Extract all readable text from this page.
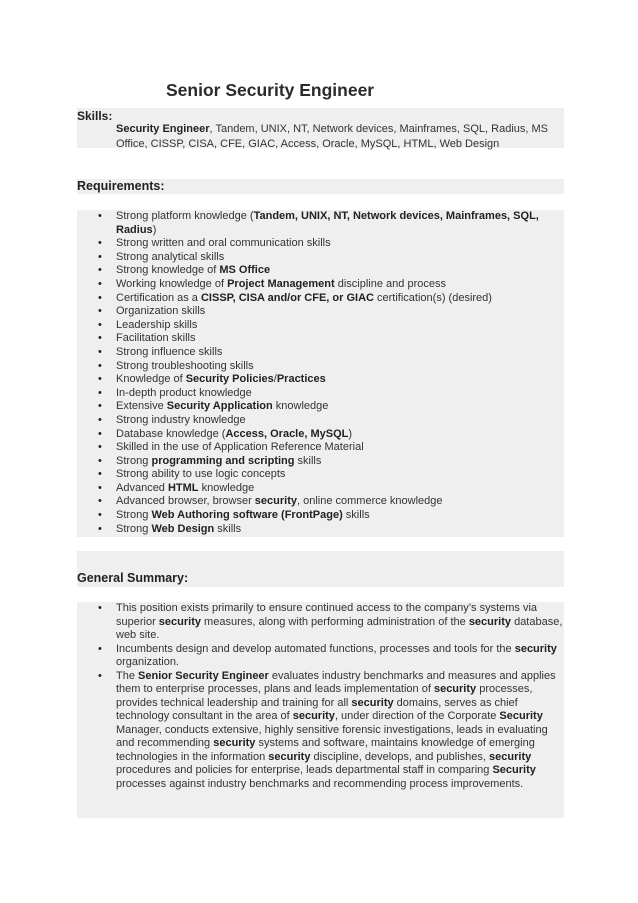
Senior Security Engineer
Skills:
Security Engineer, Tandem, UNIX, NT, Network devices, Mainframes, SQL, Radius, MS Office, CISSP, CISA, CFE, GIAC, Access, Oracle, MySQL, HTML, Web Design
Requirements:
• Strong platform knowledge (Tandem, UNIX, NT, Network devices, Mainframes, SQL, Radius)
• Strong written and oral communication skills
• Strong analytical skills
• Strong knowledge of MS Office
• Working knowledge of Project Management discipline and process
• Certification as a CISSP, CISA and/or CFE, or GIAC certification(s) (desired)
• Organization skills
• Leadership skills
• Facilitation skills
• Strong influence skills
• Strong troubleshooting skills
• Knowledge of Security Policies/Practices
• In-depth product knowledge
• Extensive Security Application knowledge
• Strong industry knowledge
• Database knowledge (Access, Oracle, MySQL)
• Skilled in the use of Application Reference Material
• Strong programming and scripting skills
• Strong ability to use logic concepts
• Advanced HTML knowledge
• Advanced browser, browser security, online commerce knowledge
• Strong Web Authoring software (FrontPage) skills
• Strong Web Design skills
General Summary:
• This position exists primarily to ensure continued access to the company’s systems via superior security measures, along with performing administration of the security database, web site.
• Incumbents design and develop automated functions, processes and tools for the security organization.
• The Senior Security Engineer evaluates industry benchmarks and measures and applies them to enterprise processes, plans and leads implementation of security processes, provides technical leadership and training for all security domains, serves as chief technology consultant in the area of security, under direction of the Corporate Security Manager, conducts extensive, highly sensitive forensic investigations, leads in evaluating and recommending security systems and software, maintains knowledge of emerging technologies in the information security discipline, develops, and publishes, security procedures and policies for enterprise, leads departmental staff in comparing Security processes against industry benchmarks and recommending process improvements.
